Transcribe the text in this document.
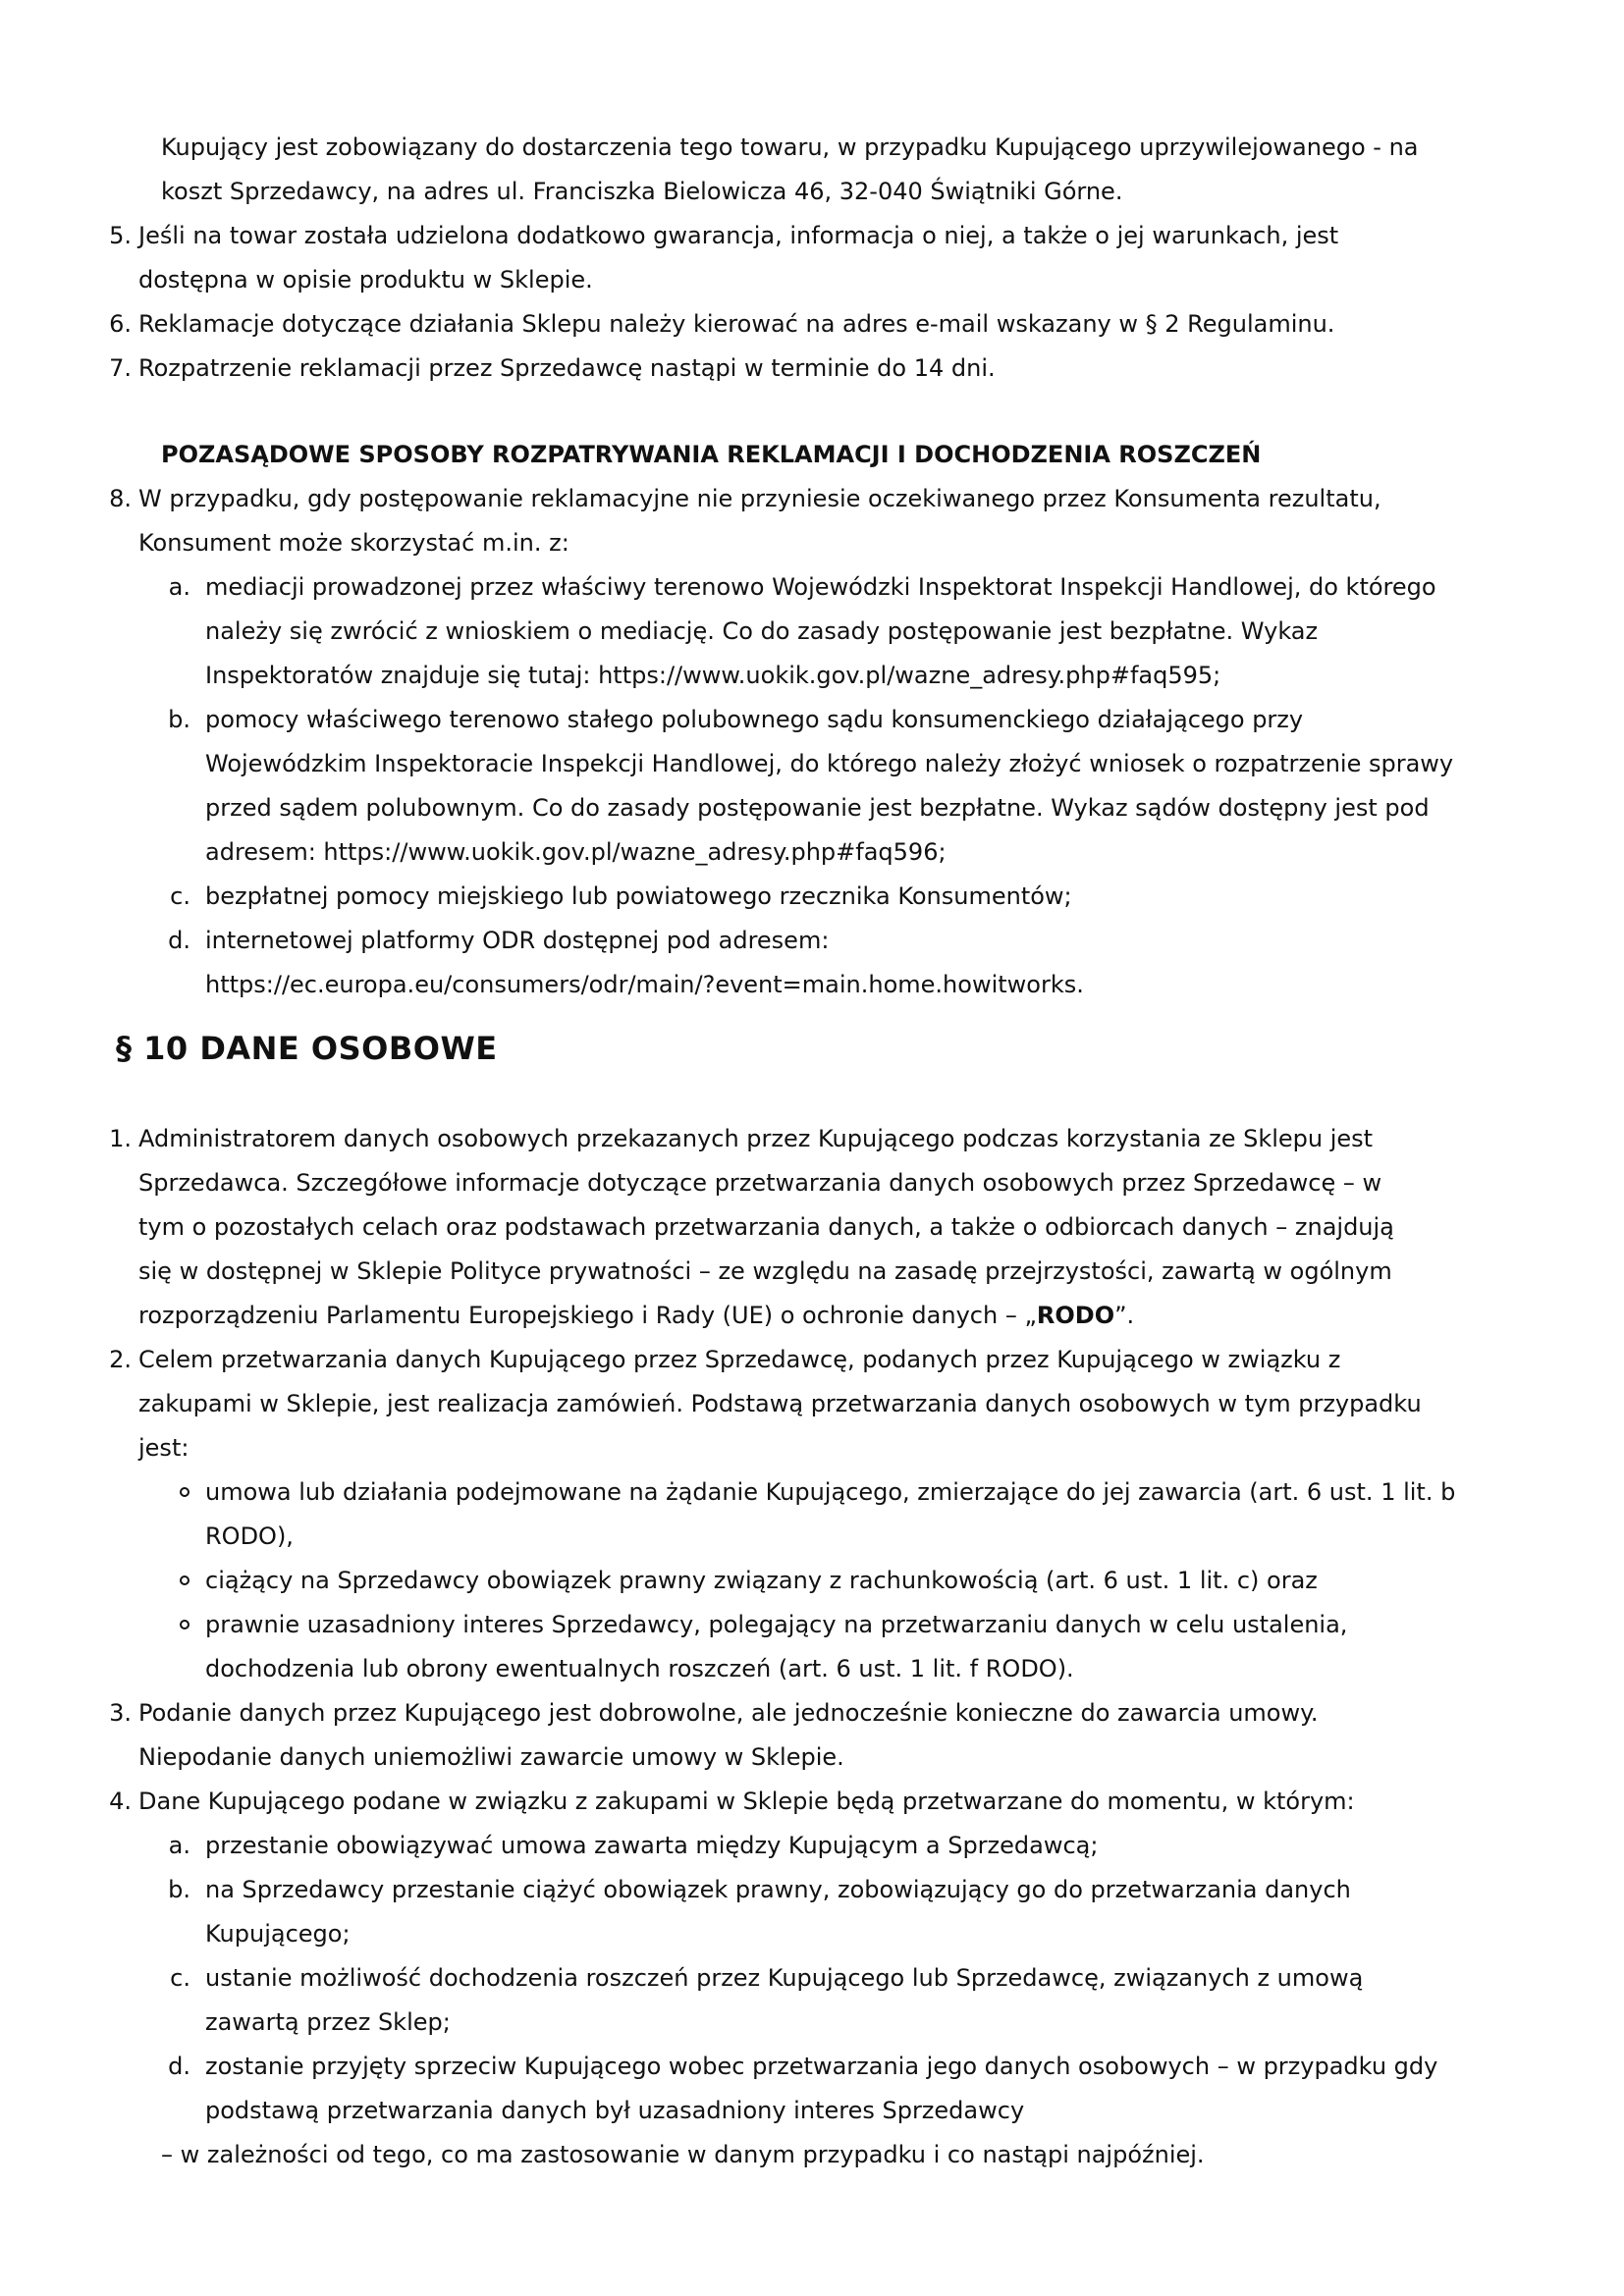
Kupujący jest zobowiązany do dostarczenia tego towaru, w przypadku Kupującego uprzywilejowanego - na
koszt Sprzedawcy, na adres ul. Franciszka Bielowicza 46, 32-040 Świątniki Górne.
5. Jeśli na towar została udzielona dodatkowo gwarancja, informacja o niej, a także o jej warunkach, jest
dostępna w opisie produktu w Sklepie.
6. Reklamacje dotyczące działania Sklepu należy kierować na adres e-mail wskazany w § 2 Regulaminu.
7. Rozpatrzenie reklamacji przez Sprzedawcę nastąpi w terminie do 14 dni.
POZASĄDOWE SPOSOBY ROZPATRYWANIA REKLAMACJI I DOCHODZENIA ROSZCZEŃ
8. W przypadku, gdy postępowanie reklamacyjne nie przyniesie oczekiwanego przez Konsumenta rezultatu,
Konsument może skorzystać m.in. z:
a. mediacji prowadzonej przez właściwy terenowo Wojewódzki Inspektorat Inspekcji Handlowej, do którego
należy się zwrócić z wnioskiem o mediację. Co do zasady postępowanie jest bezpłatne. Wykaz
Inspektoratów znajduje się tutaj: https://www.uokik.gov.pl/wazne_adresy.php#faq595;
b. pomocy właściwego terenowo stałego polubownego sądu konsumenckiego działającego przy
Wojewódzkim Inspektoracie Inspekcji Handlowej, do którego należy złożyć wniosek o rozpatrzenie sprawy
przed sądem polubownym. Co do zasady postępowanie jest bezpłatne. Wykaz sądów dostępny jest pod
adresem: https://www.uokik.gov.pl/wazne_adresy.php#faq596;
c. bezpłatnej pomocy miejskiego lub powiatowego rzecznika Konsumentów;
d. internetowej platformy ODR dostępnej pod adresem:
https://ec.europa.eu/consumers/odr/main/?event=main.home.howitworks.
§ 10 DANE OSOBOWE
1. Administratorem danych osobowych przekazanych przez Kupującego podczas korzystania ze Sklepu jest
Sprzedawca. Szczegółowe informacje dotyczące przetwarzania danych osobowych przez Sprzedawcę – w
tym o pozostałych celach oraz podstawach przetwarzania danych, a także o odbiorcach danych – znajdują
się w dostępnej w Sklepie Polityce prywatności – ze względu na zasadę przejrzystości, zawartą w ogólnym
rozporządzeniu Parlamentu Europejskiego i Rady (UE) o ochronie danych – „RODO”.
2. Celem przetwarzania danych Kupującego przez Sprzedawcę, podanych przez Kupującego w związku z
zakupami w Sklepie, jest realizacja zamówień. Podstawą przetwarzania danych osobowych w tym przypadku
jest:
umowa lub działania podejmowane na żądanie Kupującego, zmierzające do jej zawarcia (art. 6 ust. 1 lit. b
RODO),
ciążący na Sprzedawcy obowiązek prawny związany z rachunkowością (art. 6 ust. 1 lit. c) oraz
prawnie uzasadniony interes Sprzedawcy, polegający na przetwarzaniu danych w celu ustalenia,
dochodzenia lub obrony ewentualnych roszczeń (art. 6 ust. 1 lit. f RODO).
3. Podanie danych przez Kupującego jest dobrowolne, ale jednocześnie konieczne do zawarcia umowy.
Niepodanie danych uniemożliwi zawarcie umowy w Sklepie.
4. Dane Kupującego podane w związku z zakupami w Sklepie będą przetwarzane do momentu, w którym:
a. przestanie obowiązywać umowa zawarta między Kupującym a Sprzedawcą;
b. na Sprzedawcy przestanie ciążyć obowiązek prawny, zobowiązujący go do przetwarzania danych
Kupującego;
c. ustanie możliwość dochodzenia roszczeń przez Kupującego lub Sprzedawcę, związanych z umową
zawartą przez Sklep;
d. zostanie przyjęty sprzeciw Kupującego wobec przetwarzania jego danych osobowych – w przypadku gdy
podstawą przetwarzania danych był uzasadniony interes Sprzedawcy
– w zależności od tego, co ma zastosowanie w danym przypadku i co nastąpi najpóźniej.
